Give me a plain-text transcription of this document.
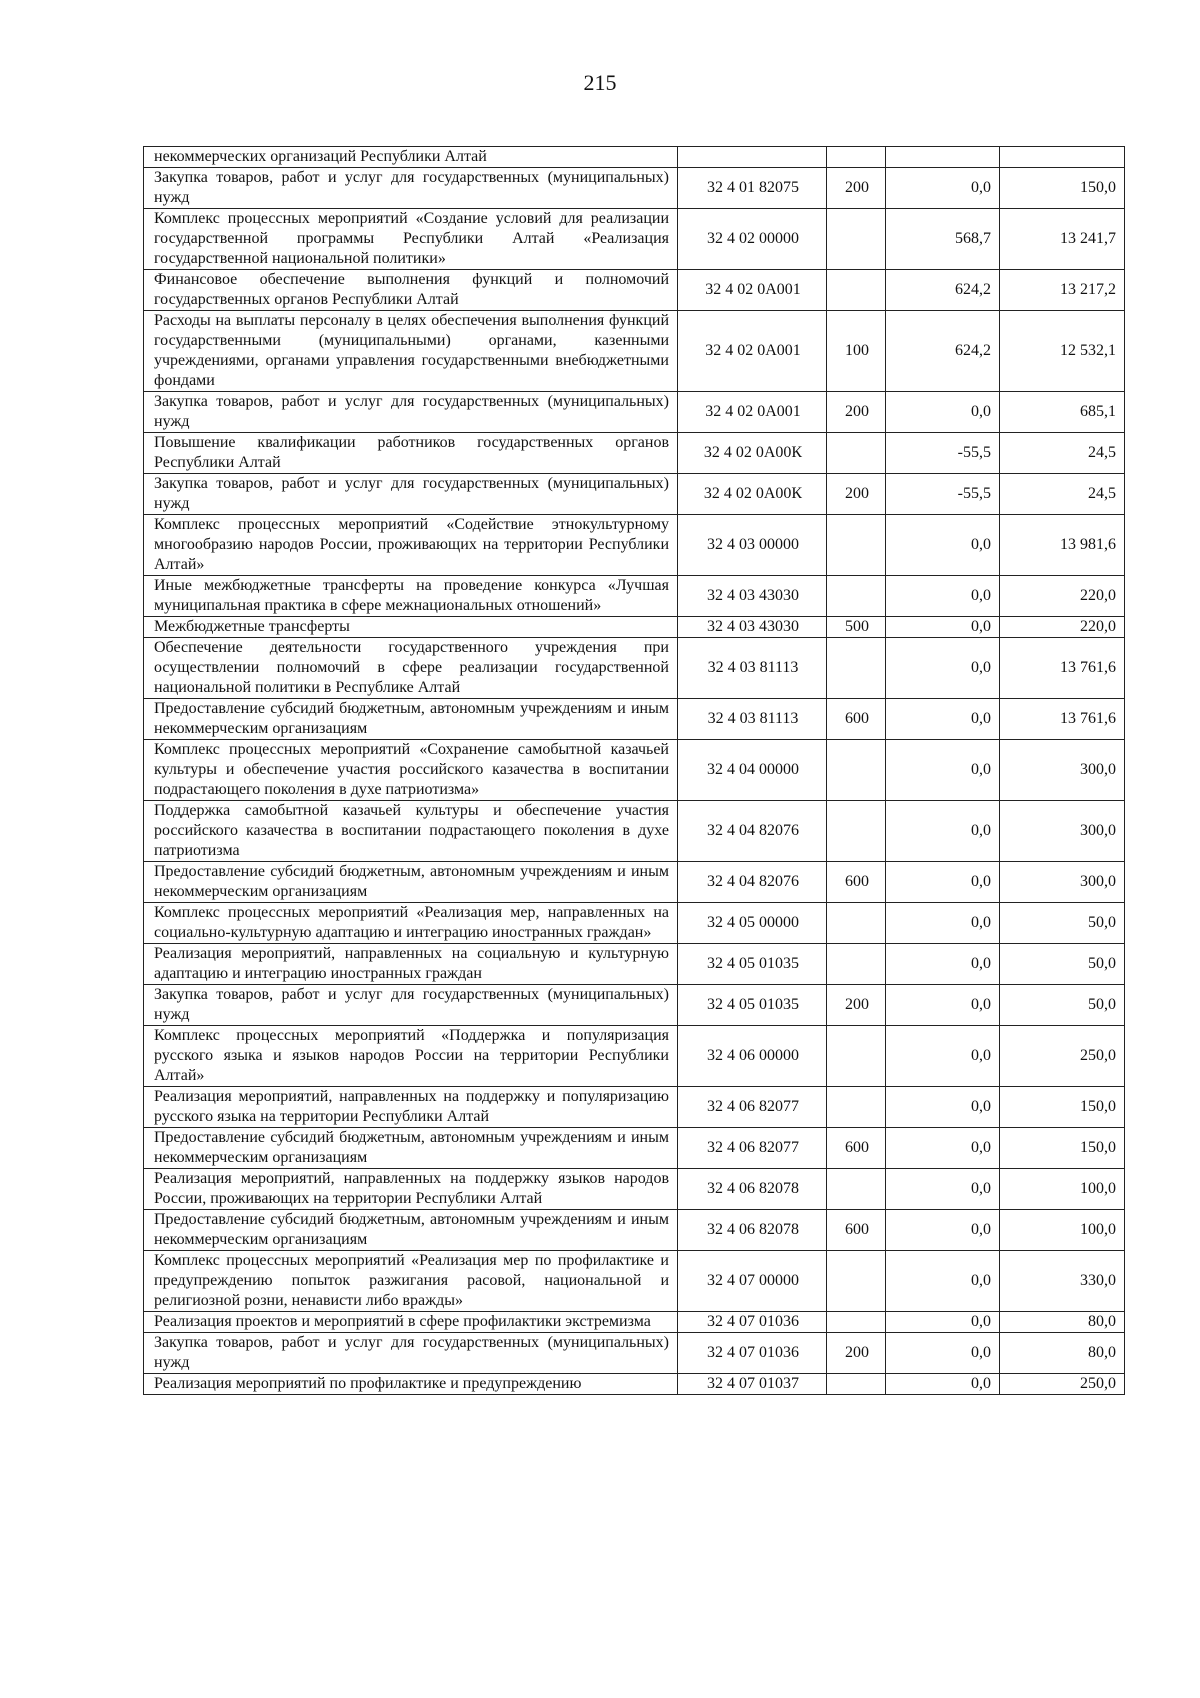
215
некоммерческих организаций Республики Алтай				
Закупка товаров, работ и услуг для государственных (муниципальных) нужд	32 4 01 82075	200	0,0	150,0
Комплекс процессных мероприятий «Создание условий для реализации государственной программы Республики Алтай «Реализация государственной национальной политики»	32 4 02 00000		568,7	13 241,7
Финансовое обеспечение выполнения функций и полномочий государственных органов Республики Алтай	32 4 02 0А001		624,2	13 217,2
Расходы на выплаты персоналу в целях обеспечения выполнения функций государственными (муниципальными) органами, казенными учреждениями, органами управления государственными внебюджетными фондами	32 4 02 0А001	100	624,2	12 532,1
Закупка товаров, работ и услуг для государственных (муниципальных) нужд	32 4 02 0А001	200	0,0	685,1
Повышение квалификации работников государственных органов Республики Алтай	32 4 02 0А00К		-55,5	24,5
Закупка товаров, работ и услуг для государственных (муниципальных) нужд	32 4 02 0А00К	200	-55,5	24,5
Комплекс процессных мероприятий «Содействие этнокультурному многообразию народов России, проживающих на территории Республики Алтай»	32 4 03 00000		0,0	13 981,6
Иные межбюджетные трансферты на проведение конкурса «Лучшая муниципальная практика в сфере межнациональных отношений»	32 4 03 43030		0,0	220,0
Межбюджетные трансферты	32 4 03 43030	500	0,0	220,0
Обеспечение деятельности государственного учреждения при осуществлении полномочий в сфере реализации государственной национальной политики в Республике Алтай	32 4 03 81113		0,0	13 761,6
Предоставление субсидий бюджетным, автономным учреждениям и иным некоммерческим организациям	32 4 03 81113	600	0,0	13 761,6
Комплекс процессных мероприятий «Сохранение самобытной казачьей культуры и обеспечение участия российского казачества в воспитании подрастающего поколения в духе патриотизма»	32 4 04 00000		0,0	300,0
Поддержка самобытной казачьей культуры и обеспечение участия российского казачества в воспитании подрастающего поколения в духе патриотизма	32 4 04 82076		0,0	300,0
Предоставление субсидий бюджетным, автономным учреждениям и иным некоммерческим организациям	32 4 04 82076	600	0,0	300,0
Комплекс процессных мероприятий «Реализация мер, направленных на социально-культурную адаптацию и интеграцию иностранных граждан»	32 4 05 00000		0,0	50,0
Реализация мероприятий, направленных на социальную и культурную адаптацию и интеграцию иностранных граждан	32 4 05 01035		0,0	50,0
Закупка товаров, работ и услуг для государственных (муниципальных) нужд	32 4 05 01035	200	0,0	50,0
Комплекс процессных мероприятий «Поддержка и популяризация русского языка и языков народов России на территории Республики Алтай»	32 4 06 00000		0,0	250,0
Реализация мероприятий, направленных на поддержку и популяризацию русского языка на территории Республики Алтай	32 4 06 82077		0,0	150,0
Предоставление субсидий бюджетным, автономным учреждениям и иным некоммерческим организациям	32 4 06 82077	600	0,0	150,0
Реализация мероприятий, направленных на поддержку языков народов России, проживающих на территории Республики Алтай	32 4 06 82078		0,0	100,0
Предоставление субсидий бюджетным, автономным учреждениям и иным некоммерческим организациям	32 4 06 82078	600	0,0	100,0
Комплекс процессных мероприятий «Реализация мер по профилактике и предупреждению попыток разжигания расовой, национальной и религиозной розни, ненависти либо вражды»	32 4 07 00000		0,0	330,0
Реализация проектов и мероприятий в сфере профилактики экстремизма	32 4 07 01036		0,0	80,0
Закупка товаров, работ и услуг для государственных (муниципальных) нужд	32 4 07 01036	200	0,0	80,0
Реализация мероприятий по профилактике и предупреждению	32 4 07 01037		0,0	250,0
